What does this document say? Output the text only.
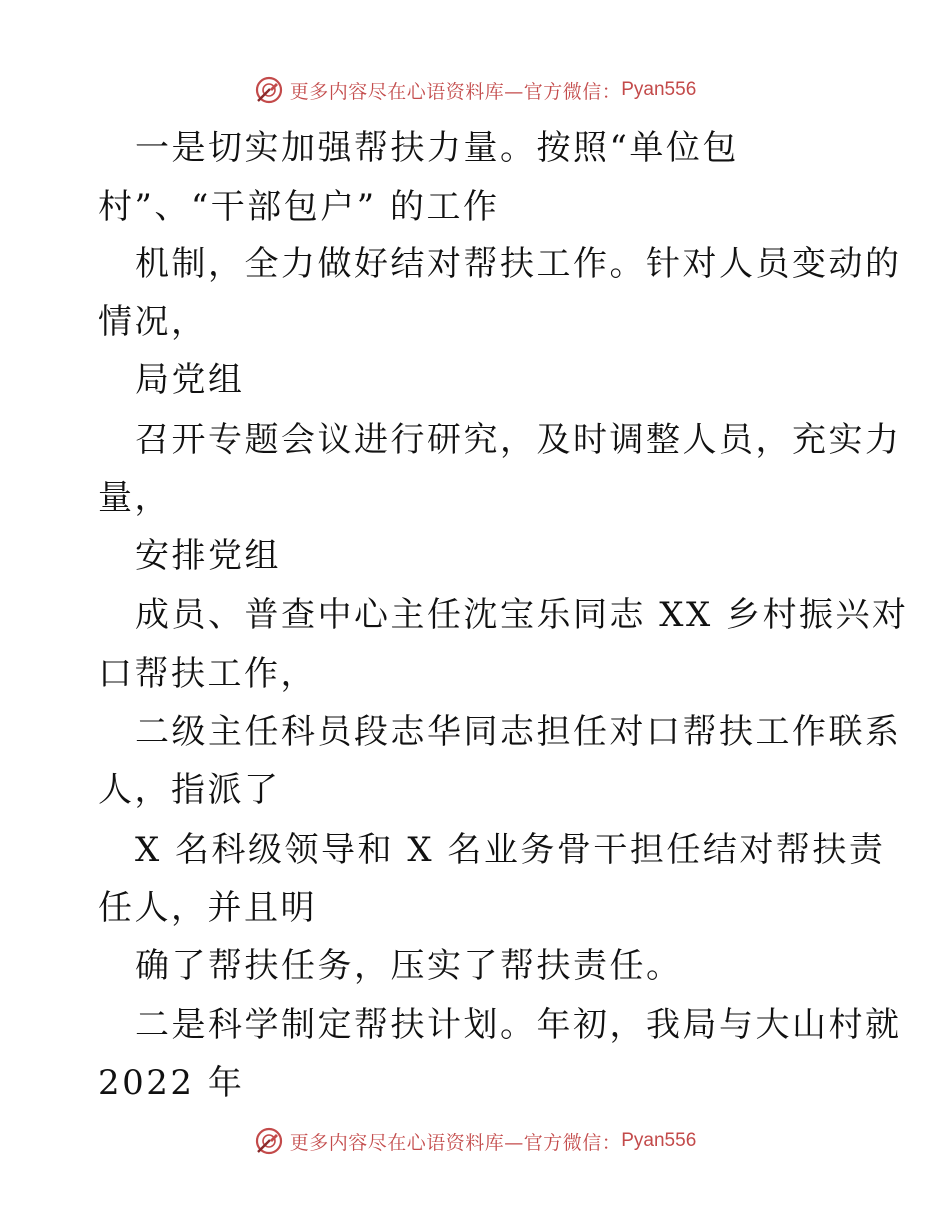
更多内容尽在心语资料库—官方微信： Pyan556
一是切实加强帮扶力量。按照“单位包
村”、“干部包户” 的工作
机制，全力做好结对帮扶工作。针对人员变动的
情况，
局党组
召开专题会议进行研究，及时调整人员，充实力
量，
安排党组
成员、普查中心主任沈宝乐同志 XX 乡村振兴对
口帮扶工作，
二级主任科员段志华同志担任对口帮扶工作联系
人，指派了
X 名科级领导和 X 名业务骨干担任结对帮扶责
任人，并且明
确了帮扶任务，压实了帮扶责任。
二是科学制定帮扶计划。年初，我局与大山村就
2022 年
更多内容尽在心语资料库—官方微信： Pyan556
